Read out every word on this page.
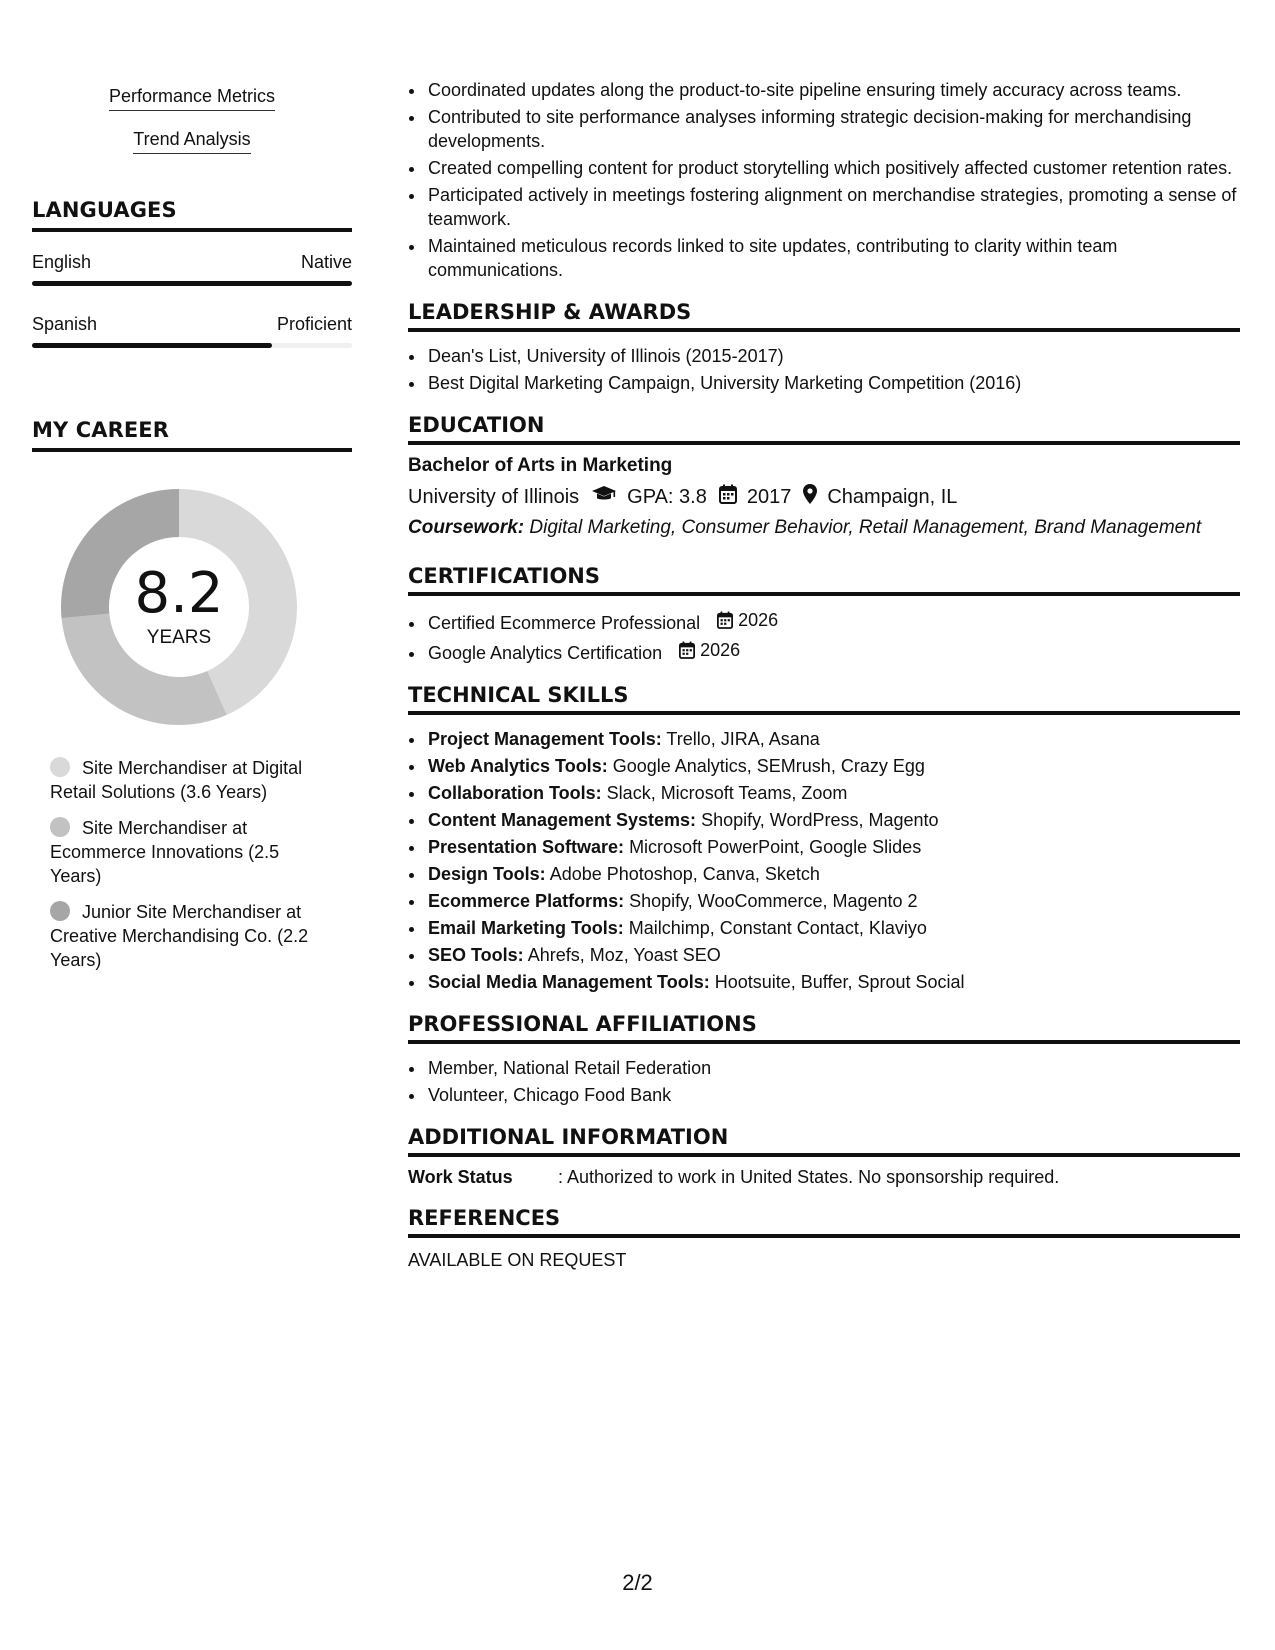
Performance Metrics
Trend Analysis
LANGUAGES
English	Native
Spanish	Proficient
MY CAREER
8.2
YEARS
Site Merchandiser at Digital Retail Solutions (3.6 Years)
Site Merchandiser at Ecommerce Innovations (2.5 Years)
Junior Site Merchandiser at Creative Merchandising Co. (2.2 Years)
• Coordinated updates along the product-to-site pipeline ensuring timely accuracy across teams.
• Contributed to site performance analyses informing strategic decision-making for merchandising developments.
• Created compelling content for product storytelling which positively affected customer retention rates.
• Participated actively in meetings fostering alignment on merchandise strategies, promoting a sense of teamwork.
• Maintained meticulous records linked to site updates, contributing to clarity within team communications.
LEADERSHIP & AWARDS
• Dean's List, University of Illinois (2015-2017)
• Best Digital Marketing Campaign, University Marketing Competition (2016)
EDUCATION
Bachelor of Arts in Marketing
University of Illinois GPA: 3.8 2017 Champaign, IL
Coursework: Digital Marketing, Consumer Behavior, Retail Management, Brand Management
CERTIFICATIONS
• Certified Ecommerce Professional 2026
• Google Analytics Certification 2026
TECHNICAL SKILLS
• Project Management Tools: Trello, JIRA, Asana
• Web Analytics Tools: Google Analytics, SEMrush, Crazy Egg
• Collaboration Tools: Slack, Microsoft Teams, Zoom
• Content Management Systems: Shopify, WordPress, Magento
• Presentation Software: Microsoft PowerPoint, Google Slides
• Design Tools: Adobe Photoshop, Canva, Sketch
• Ecommerce Platforms: Shopify, WooCommerce, Magento 2
• Email Marketing Tools: Mailchimp, Constant Contact, Klaviyo
• SEO Tools: Ahrefs, Moz, Yoast SEO
• Social Media Management Tools: Hootsuite, Buffer, Sprout Social
PROFESSIONAL AFFILIATIONS
• Member, National Retail Federation
• Volunteer, Chicago Food Bank
ADDITIONAL INFORMATION
Work Status	: Authorized to work in United States. No sponsorship required.
REFERENCES
AVAILABLE ON REQUEST
2/2
